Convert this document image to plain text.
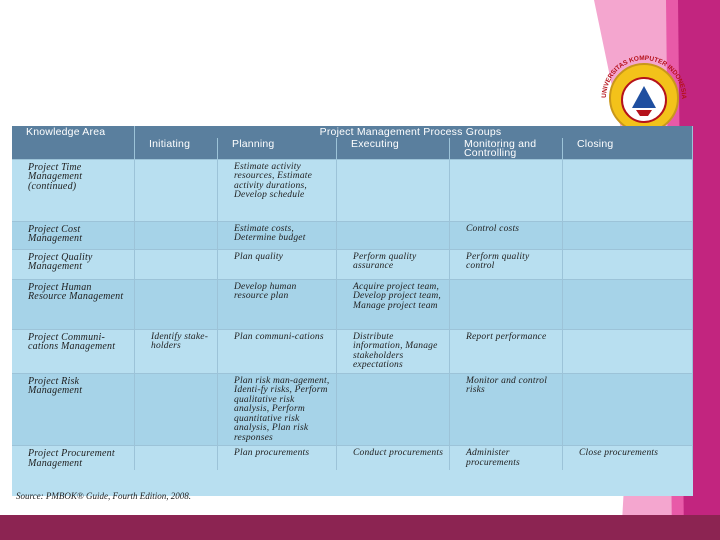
UNIVERSITAS KOMPUTER INDONESIA
Knowledge Area	Project Management Process Groups				
	Initiating	Planning	Executing	Monitoring and Controlling	Closing
Project Time Management (continued)		Estimate activity resources, Estimate activity durations, Develop schedule			
Project Cost Management		Estimate costs, Determine budget		Control costs	
Project Quality Management		Plan quality	Perform quality assurance	Perform quality control	
Project Human Resource Management		Develop human resource plan	Acquire project team, Develop project team, Manage project team		
Project Communi-cations Management	Identify stake-holders	Plan communi-cations	Distribute information, Manage stakeholders expectations	Report performance	
Project Risk Management		Plan risk man-agement, Identi-fy risks, Perform qualitative risk analysis, Perform quantitative risk analysis, Plan risk responses		Monitor and control risks	
Project Procurement Management		Plan procurements	Conduct procurements	Administer procurements	Close procurements
Source: PMBOK® Guide, Fourth Edition, 2008.
